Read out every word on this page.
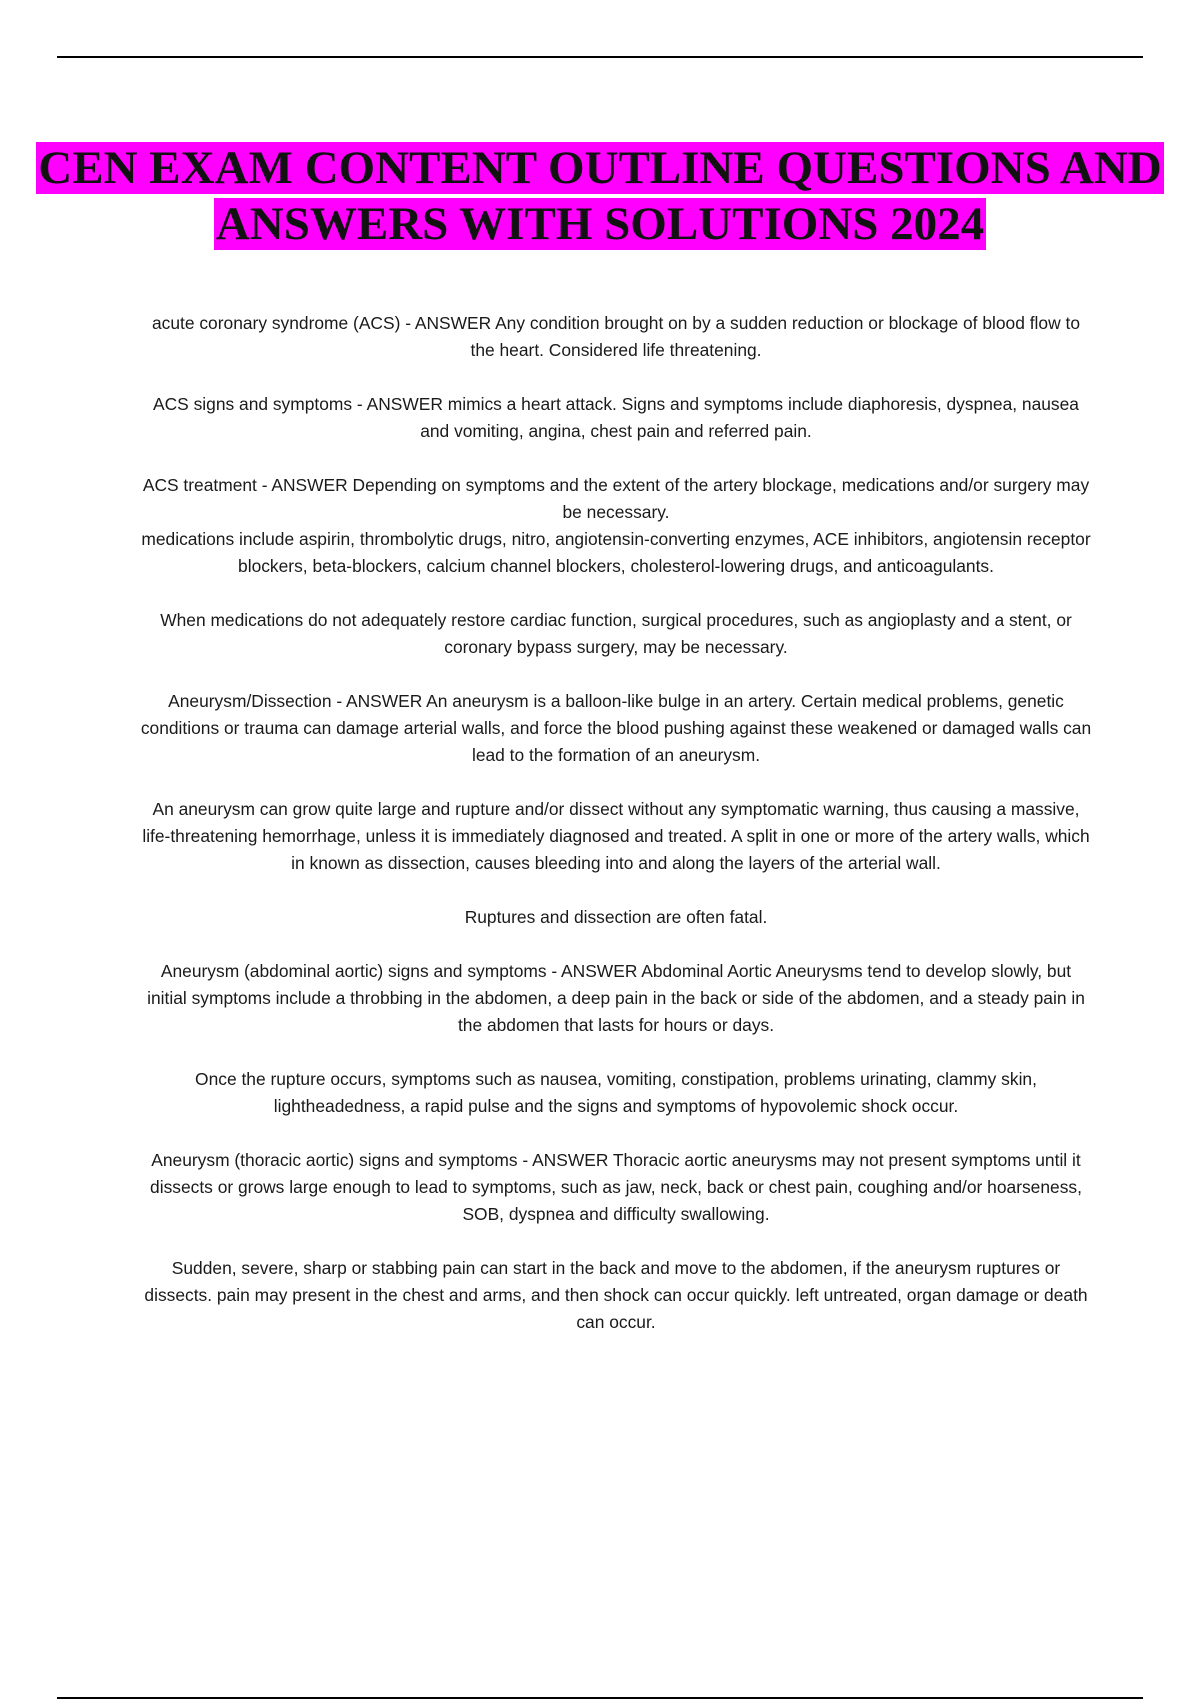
CEN EXAM CONTENT OUTLINE QUESTIONS AND ANSWERS WITH SOLUTIONS 2024

acute coronary syndrome (ACS) - ANSWER Any condition brought on by a sudden reduction or blockage of blood flow to the heart. Considered life threatening.

ACS signs and symptoms - ANSWER mimics a heart attack. Signs and symptoms include diaphoresis, dyspnea, nausea and vomiting, angina, chest pain and referred pain.

ACS treatment - ANSWER Depending on symptoms and the extent of the artery blockage, medications and/or surgery may be necessary.

medications include aspirin, thrombolytic drugs, nitro, angiotensin-converting enzymes, ACE inhibitors, angiotensin receptor blockers, beta-blockers, calcium channel blockers, cholesterol-lowering drugs, and anticoagulants.

When medications do not adequately restore cardiac function, surgical procedures, such as angioplasty and a stent, or coronary bypass surgery, may be necessary.

Aneurysm/Dissection - ANSWER An aneurysm is a balloon-like bulge in an artery. Certain medical problems, genetic conditions or trauma can damage arterial walls, and force the blood pushing against these weakened or damaged walls can lead to the formation of an aneurysm.

An aneurysm can grow quite large and rupture and/or dissect without any symptomatic warning, thus causing a massive, life-threatening hemorrhage, unless it is immediately diagnosed and treated. A split in one or more of the artery walls, which in known as dissection, causes bleeding into and along the layers of the arterial wall.

Ruptures and dissection are often fatal.

Aneurysm (abdominal aortic) signs and symptoms - ANSWER Abdominal Aortic Aneurysms tend to develop slowly, but initial symptoms include a throbbing in the abdomen, a deep pain in the back or side of the abdomen, and a steady pain in the abdomen that lasts for hours or days.

Once the rupture occurs, symptoms such as nausea, vomiting, constipation, problems urinating, clammy skin, lightheadedness, a rapid pulse and the signs and symptoms of hypovolemic shock occur.

Aneurysm (thoracic aortic) signs and symptoms - ANSWER Thoracic aortic aneurysms may not present symptoms until it dissects or grows large enough to lead to symptoms, such as jaw, neck, back or chest pain, coughing and/or hoarseness, SOB, dyspnea and difficulty swallowing.

Sudden, severe, sharp or stabbing pain can start in the back and move to the abdomen, if the aneurysm ruptures or dissects. pain may present in the chest and arms, and then shock can occur quickly. left untreated, organ damage or death can occur.
